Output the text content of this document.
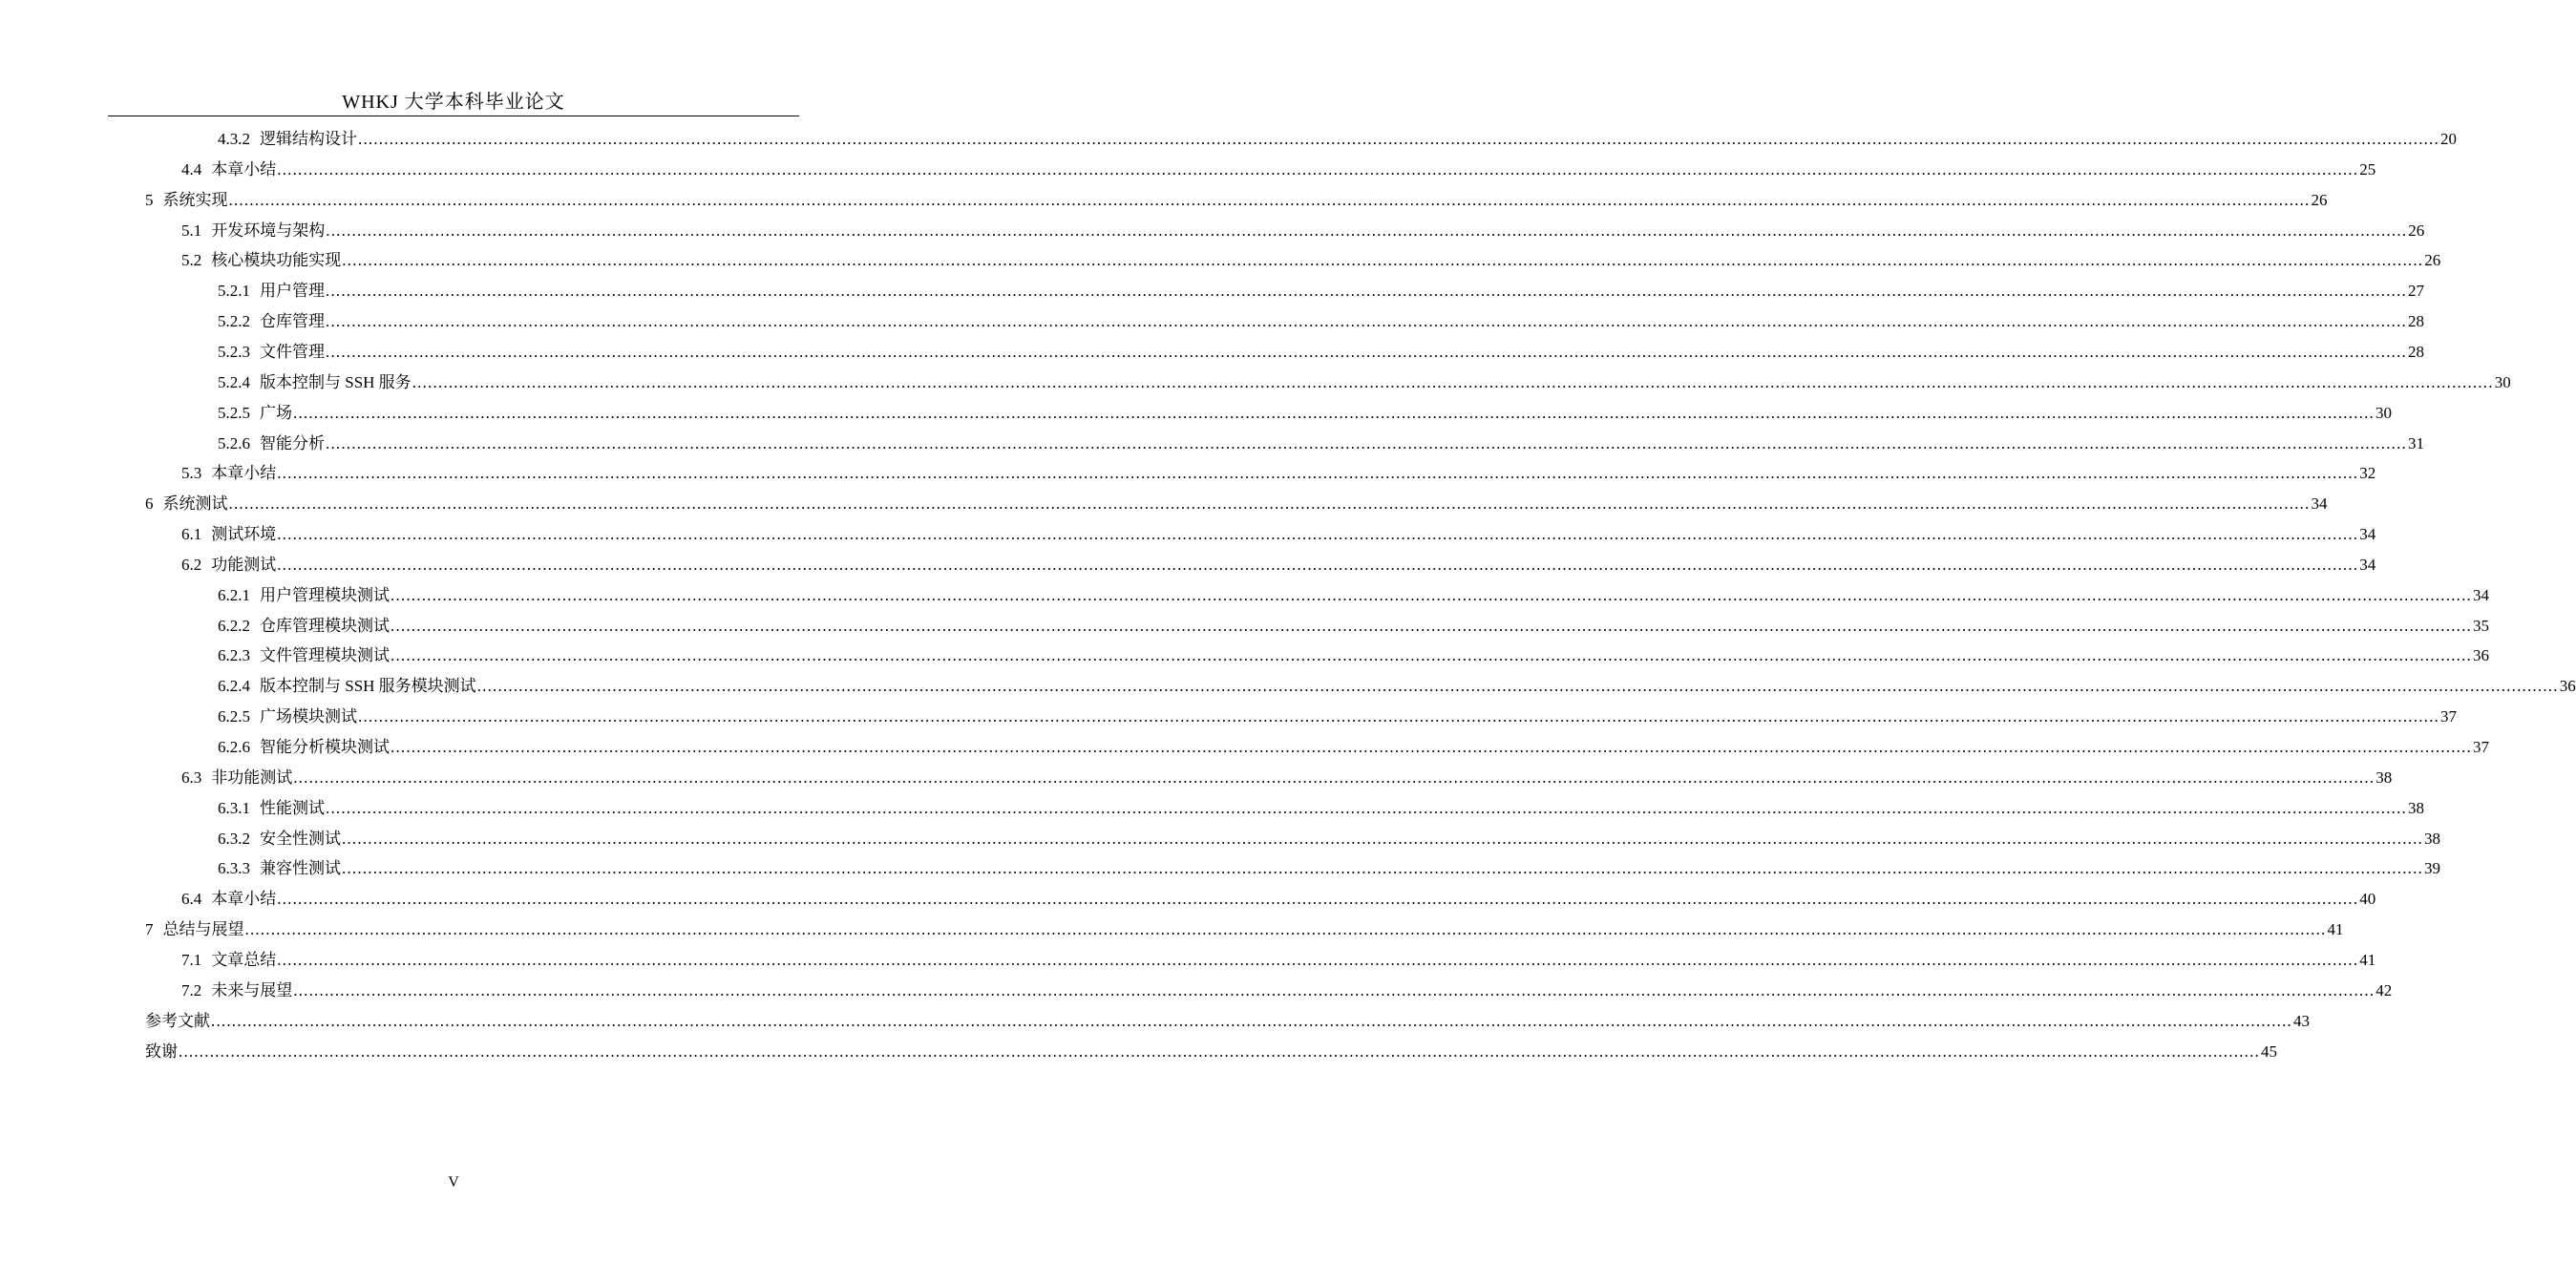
WHKJ 大学本科毕业论文
4.3.2 逻辑结构设计 ................................................................................................................................................................................................................................................................................................................................................................................................................ 20
4.4 本章小结 ................................................................................................................................................................................................................................................................................................................................................................................................................ 25
5 系统实现 ................................................................................................................................................................................................................................................................................................................................................................................................................ 26
5.1 开发环境与架构 ................................................................................................................................................................................................................................................................................................................................................................................................................ 26
5.2 核心模块功能实现 ................................................................................................................................................................................................................................................................................................................................................................................................................ 26
5.2.1 用户管理 ................................................................................................................................................................................................................................................................................................................................................................................................................ 27
5.2.2 仓库管理 ................................................................................................................................................................................................................................................................................................................................................................................................................ 28
5.2.3 文件管理 ................................................................................................................................................................................................................................................................................................................................................................................................................ 28
5.2.4 版本控制与 SSH 服务 ................................................................................................................................................................................................................................................................................................................................................................................................................ 30
5.2.5 广场 ................................................................................................................................................................................................................................................................................................................................................................................................................ 30
5.2.6 智能分析 ................................................................................................................................................................................................................................................................................................................................................................................................................ 31
5.3 本章小结 ................................................................................................................................................................................................................................................................................................................................................................................................................ 32
6 系统测试 ................................................................................................................................................................................................................................................................................................................................................................................................................ 34
6.1 测试环境 ................................................................................................................................................................................................................................................................................................................................................................................................................ 34
6.2 功能测试 ................................................................................................................................................................................................................................................................................................................................................................................................................ 34
6.2.1 用户管理模块测试 ................................................................................................................................................................................................................................................................................................................................................................................................................ 34
6.2.2 仓库管理模块测试 ................................................................................................................................................................................................................................................................................................................................................................................................................ 35
6.2.3 文件管理模块测试 ................................................................................................................................................................................................................................................................................................................................................................................................................ 36
6.2.4 版本控制与 SSH 服务模块测试 ................................................................................................................................................................................................................................................................................................................................................................................................................ 36
6.2.5 广场模块测试 ................................................................................................................................................................................................................................................................................................................................................................................................................ 37
6.2.6 智能分析模块测试 ................................................................................................................................................................................................................................................................................................................................................................................................................ 37
6.3 非功能测试 ................................................................................................................................................................................................................................................................................................................................................................................................................ 38
6.3.1 性能测试 ................................................................................................................................................................................................................................................................................................................................................................................................................ 38
6.3.2 安全性测试 ................................................................................................................................................................................................................................................................................................................................................................................................................ 38
6.3.3 兼容性测试 ................................................................................................................................................................................................................................................................................................................................................................................................................ 39
6.4 本章小结 ................................................................................................................................................................................................................................................................................................................................................................................................................ 40
7 总结与展望 ................................................................................................................................................................................................................................................................................................................................................................................................................ 41
7.1 文章总结 ................................................................................................................................................................................................................................................................................................................................................................................................................ 41
7.2 未来与展望 ................................................................................................................................................................................................................................................................................................................................................................................................................ 42
参考文献 ................................................................................................................................................................................................................................................................................................................................................................................................................ 43
致谢 ................................................................................................................................................................................................................................................................................................................................................................................................................ 45
V
